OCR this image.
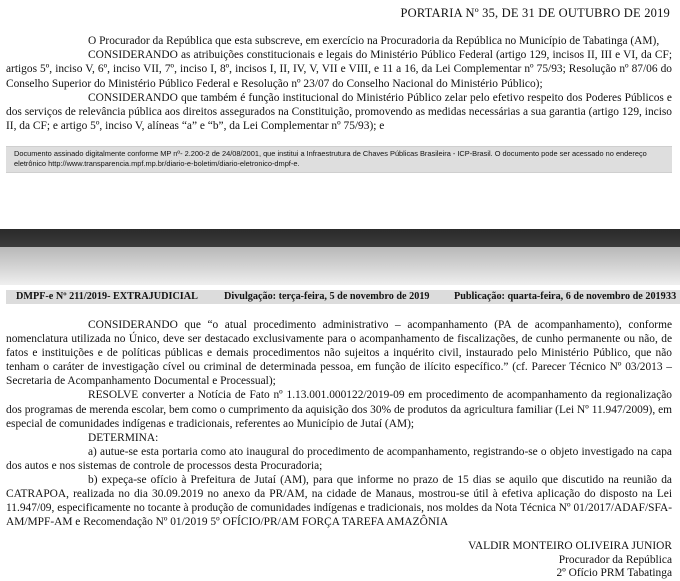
PORTARIA Nº 35, DE 31 DE OUTUBRO DE 2019

O Procurador da República que esta subscreve, em exercício na Procuradoria da República no Município de Tabatinga (AM),

CONSIDERANDO as atribuições constitucionais e legais do Ministério Público Federal (artigo 129, incisos II, III e VI, da CF; artigos 5º, inciso V, 6º, inciso VII, 7º, inciso I, 8º, incisos I, II, IV, V, VII e VIII, e 11 a 16, da Lei Complementar nº 75/93; Resolução nº 87/06 do Conselho Superior do Ministério Público Federal e Resolução nº 23/07 do Conselho Nacional do Ministério Público);

CONSIDERANDO que também é função institucional do Ministério Público zelar pelo efetivo respeito dos Poderes Públicos e dos serviços de relevância pública aos direitos assegurados na Constituição, promovendo as medidas necessárias a sua garantia (artigo 129, inciso II, da CF; e artigo 5º, inciso V, alíneas “a” e “b”, da Lei Complementar nº 75/93); e

Documento assinado digitalmente conforme MP nº- 2.200-2 de 24/08/2001, que institui a Infraestrutura de Chaves Públicas Brasileira - ICP-Brasil. O documento pode ser acessado no endereço
eletrônico http://www.transparencia.mpf.mp.br/diario-e-boletim/diario-eletronico-dmpf-e.
DMPF-e Nº 211/2019- EXTRAJUDICIAL	Divulgação: terça-feira, 5 de novembro de 2019 Publicação: quarta-feira, 6 de novembro de 2019 33

CONSIDERANDO que “o atual procedimento administrativo – acompanhamento (PA de acompanhamento), conforme nomenclatura utilizada no Único, deve ser destacado exclusivamente para o acompanhamento de fiscalizações, de cunho permanente ou não, de fatos e instituições e de políticas públicas e demais procedimentos não sujeitos a inquérito civil, instaurado pelo Ministério Público, que não tenham o caráter de investigação cível ou criminal de determinada pessoa, em função de ilícito específico.” (cf. Parecer Técnico Nº 03/2013 – Secretaria de Acompanhamento Documental e Processual);

RESOLVE converter a Notícia de Fato nº 1.13.001.000122/2019-09 em procedimento de acompanhamento da regionalização dos programas de merenda escolar, bem como o cumprimento da aquisição dos 30% de produtos da agricultura familiar (Lei Nº 11.947/2009), em especial de comunidades indígenas e tradicionais, referentes ao Município de Jutaí (AM);

DETERMINA:

a) autue-se esta portaria como ato inaugural do procedimento de acompanhamento, registrando-se o objeto investigado na capa dos autos e nos sistemas de controle de processos desta Procuradoria;

b) expeça-se ofício à Prefeitura de Jutaí (AM), para que informe no prazo de 15 dias se aquilo que discutido na reunião da CATRAPOA, realizada no dia 30.09.2019 no anexo da PR/AM, na cidade de Manaus, mostrou-se útil à efetiva aplicação do disposto na Lei 11.947/09, especificamente no tocante à produção de comunidades indígenas e tradicionais, nos moldes da Nota Técnica Nº 01/2017/ADAF/SFA-AM/MPF-AM e Recomendação Nº 01/2019 5º OFÍCIO/PR/AM FORÇA TAREFA AMAZÔNIA

VALDIR MONTEIRO OLIVEIRA JUNIOR
Procurador da República
2º Ofício PRM Tabatinga
